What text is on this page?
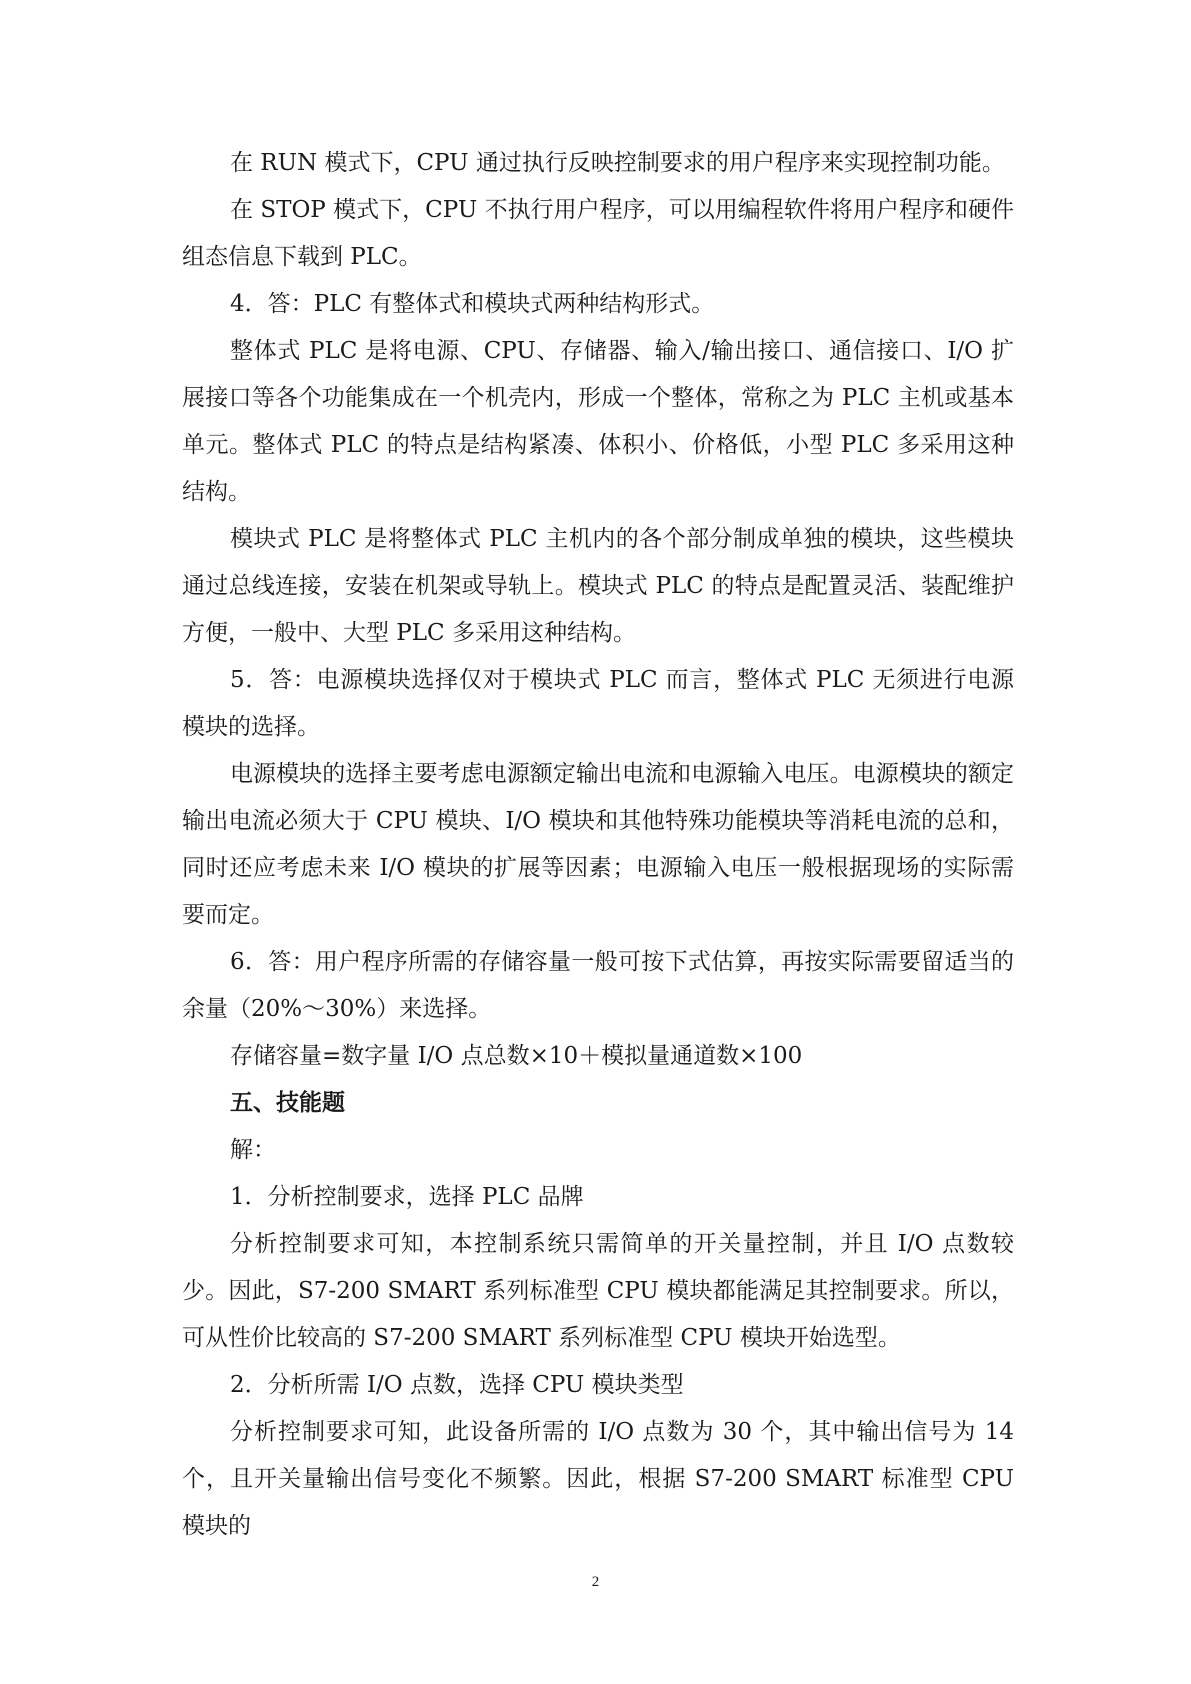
在 RUN 模式下，CPU 通过执行反映控制要求的用户程序来实现控制功能。

在 STOP 模式下，CPU 不执行用户程序，可以用编程软件将用户程序和硬件组态信息下载到 PLC。

4．答：PLC 有整体式和模块式两种结构形式。

整体式 PLC 是将电源、CPU、存储器、输入/输出接口、通信接口、I/O 扩展接口等各个功能集成在一个机壳内，形成一个整体，常称之为 PLC 主机或基本单元。整体式 PLC 的特点是结构紧凑、体积小、价格低，小型 PLC 多采用这种结构。

模块式 PLC 是将整体式 PLC 主机内的各个部分制成单独的模块，这些模块通过总线连接，安装在机架或导轨上。模块式 PLC 的特点是配置灵活、装配维护方便，一般中、大型 PLC 多采用这种结构。

5．答：电源模块选择仅对于模块式 PLC 而言，整体式 PLC 无须进行电源模块的选择。

电源模块的选择主要考虑电源额定输出电流和电源输入电压。电源模块的额定输出电流必须大于 CPU 模块、I/O 模块和其他特殊功能模块等消耗电流的总和，同时还应考虑未来 I/O 模块的扩展等因素；电源输入电压一般根据现场的实际需要而定。

6．答：用户程序所需的存储容量一般可按下式估算，再按实际需要留适当的余量（20%～30%）来选择。

存储容量=数字量 I/O 点总数×10＋模拟量通道数×100

五、技能题

解：

1．分析控制要求，选择 PLC 品牌

分析控制要求可知，本控制系统只需简单的开关量控制，并且 I/O 点数较少。因此，S7-200 SMART 系列标准型 CPU 模块都能满足其控制要求。所以，可从性价比较高的 S7-200 SMART 系列标准型 CPU 模块开始选型。

2．分析所需 I/O 点数，选择 CPU 模块类型

分析控制要求可知，此设备所需的 I/O 点数为 30 个，其中输出信号为 14 个，且开关量输出信号变化不频繁。因此，根据 S7-200 SMART 标准型 CPU 模块的

2
